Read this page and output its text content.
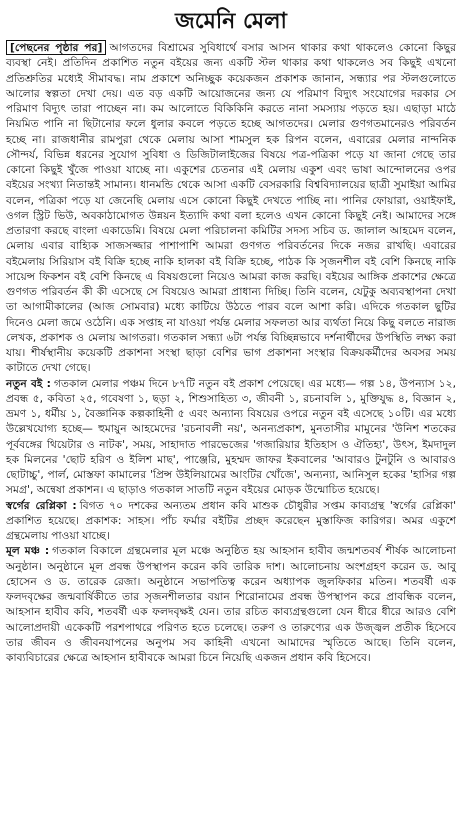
জমেনি মেলা

[পেছনের পৃষ্ঠার পর] আগতদের বিশ্রামের সুবিধার্থে বসার আসন থাকার কথা থাকলেও কোনো কিছুর ব্যবস্থা নেই। প্রতিদিন প্রকাশিত নতুন বইয়ের জন্য একটি স্টল থাকার কথা থাকলেও সব কিছুই এখনো প্রতিশ্রুতির মধ্যেই সীমাবদ্ধ। নাম প্রকাশে অনিচ্ছুক কয়েকজন প্রকাশক জানান, সন্ধ্যার পর স্টলগুলোতে আলোর স্বল্পতা দেখা দেয়। এত বড় একটি আয়োজনের জন্য যে পরিমাণ বিদ্যুৎ সংযোগের দরকার সে পরিমাণ বিদ্যুৎ তারা পাচ্ছেন না। কম আলোতে বিকিকিনি করতে নানা সমস্যায় পড়তে হয়। এছাড়া মাঠে নিয়মিত পানি না ছিটানোর ফলে ধুলার কবলে পড়তে হচ্ছে আগতদের। মেলার গুণগতমানেরও পরিবর্তন হচ্ছে না। রাজধানীর রামপুরা থেকে মেলায় আসা শামসুল হক রিপন বলেন, এবারের মেলার নান্দনিক সৌন্দর্য, বিভিন্ন ধরনের সুযোগ সুবিধা ও ডিজিটালাইজের বিষয়ে পত্র-পত্রিকা পড়ে যা জানা গেছে তার কোনো কিছুই খুঁজে পাওয়া যাচ্ছে না। একুশের চেতনার এই মেলায় একুশ এবং ভাষা আন্দোলনের ওপর বইয়ের সংখ্যা নিতান্তই সামান্য। ধানমন্ডি থেকে আসা একটি বেসরকারি বিশ্ববিদ্যালয়ের ছাত্রী সুমাইয়া আমির বলেন, পত্রিকা পড়ে যা জেনেছি মেলায় এসে কোনো কিছুই দেখতে পাচ্ছি না। পানির ফোয়ারা, ওয়াইফাই, ওগল স্ট্রিট ভিউ, অবকাঠামোগত উন্নয়ন ইত্যাদি কথা বলা হলেও এখন কোনো কিছুই নেই। আমাদের সঙ্গে প্রতারণা করছে বাংলা একাডেমি। বিষয়ে মেলা পরিচালনা কমিটির সদস্য সচিব ড. জালাল আহমেদ বলেন, মেলায় এবার বাহ্যিক সাজসজ্জার পাশাপাশি আমরা গুণগত পরিবর্তনের দিকে নজর রাখছি। এবারের বইমেলায় সিরিয়াস বই বিক্রি হচ্ছে নাকি হালকা বই বিক্রি হচ্ছে, পাঠক কি সৃজনশীল বই বেশি কিনছে নাকি সায়েন্স ফিকশন বই বেশি কিনছে এ বিষয়গুলো নিয়েও আমরা কাজ করছি। বইয়ের আঙ্গিক প্রকাশের ক্ষেত্রে গুণগত পরিবর্তন কী কী এসেছে সে বিষয়েও আমরা প্রাধান্য দিচ্ছি। তিনি বলেন, যেটুকু অব্যবস্থাপনা দেখা তা আগামীকালের (আজ সোমবার) মধ্যে কাটিয়ে উঠতে পারব বলে আশা করি। এদিকে গতকাল ছুটির দিনেও মেলা জমে ওঠেনি। এক সপ্তাহ না যাওয়া পর্যন্ত মেলার সফলতা আর ব্যর্থতা নিয়ে কিছু বলতে নারাজ লেখক, প্রকাশক ও মেলায় আগতরা। গতকাল সন্ধ্যা ৬টা পর্যন্ত বিচ্ছিন্নভাবে দর্শনার্থীদের উপস্থিতি লক্ষ্য করা যায়। শীর্ষস্থানীয় কয়েকটি প্রকাশনা সংস্থা ছাড়া বেশির ভাগ প্রকাশনা সংস্থার বিক্রয়কর্মীদের অবসর সময় কাটাতে দেখা গেছে।

নতুন বই : গতকাল মেলার পঞ্চম দিনে ৮৭টি নতুন বই প্রকাশ পেয়েছে। এর মধ্যে— গল্প ১৪, উপন্যাস ১২, প্রবন্ধ ৫, কবিতা ২৫, গবেষণা ১, ছড়া ২, শিশুসাহিত্য ৩, জীবনী ১, রচনাবলি ১, মুক্তিযুদ্ধ ৪, বিজ্ঞান ২, ভ্রমণ ১, ধর্মীয় ১, বৈজ্ঞানিক কল্পকাহিনী ৫ এবং অন্যান্য বিষয়ের ওপরে নতুন বই এসেছে ১০টি। এর মধ্যে উল্লেখযোগ্য হচ্ছে— হুমায়ুন আহমেদের 'রচনাবলী নয়', অনন্যপ্রকাশ, মুনতাসীর মামুনের 'উনিশ শতকের পূর্ববঙ্গের থিয়েটার ও নাটক', সময়, সাহাদাত পারভেজের 'গজারিয়ার ইতিহাস ও ঐতিহ্য', উৎস, ইমদাদুল হক মিলনের 'ছোট হরিণ ও ইলিশ মাছ', পাঞ্জেরি, মুহম্মদ জাফর ইকবালের 'আবারও টুনটুনি ও আবারও ছোটাচ্চু', পার্ল, মোস্তফা কামালের 'প্রিন্স উইলিয়ামের আংটির খোঁজে', অন্যন্যা, আনিসুল হকের 'হাসির গল্প সমগ্র', অন্বেষা প্রকাশন। এ ছাড়াও গতকাল সাতটি নতুন বইয়ের মোড়ক উন্মোচিত হয়েছে।

স্বর্গের রেপ্লিকা : বিগত ৭০ দশকের অন্যতম প্রধান কবি মাশুক চৌধুরীর সপ্তম কাব্যগ্রন্থ 'স্বর্গের রেপ্লিকা' প্রকাশিত হয়েছে। প্রকাশক: সাহস। পাঁচ ফর্মার বইটির প্রচ্ছদ করেছেন মুস্তাফিজ কারিগর। অমর একুশে গ্রন্থমেলায় পাওয়া যাচ্ছে।

মূল মঞ্চ : গতকাল বিকালে গ্রন্থমেলার মূল মঞ্চে অনুষ্ঠিত হয় আহসান হাবীব জন্মশতবর্ষ শীর্ষক আলোচনা অনুষ্ঠান। অনুষ্ঠানে মূল প্রবন্ধ উপস্থাপন করেন কবি তারিক দাশ। আলোচনায় অংশগ্রহণ করেন ড. আবু হোসেন ও ড. তারেক রেজা। অনুষ্ঠানে সভাপতিত্ব করেন অধ্যাপক জুলফিকার মতিন। শতবর্ষী এক ফলদবৃক্ষের জন্মবার্ষিকীতে তার সৃজনশীলতার বয়ান শিরোনামের প্রবন্ধ উপস্থাপন করে প্রাবন্ধিক বলেন, আহসান হাবীব কবি, শতবর্ষী এক ফলদবৃক্ষই যেন। তার রচিত কাব্যগ্রন্থগুলো যেন ধীরে ধীরে আরও বেশি আলোপ্রদায়ী একেকটি পরশপাথরে পরিণত হতে চলেছে। তরুণ ও তারুণ্যের এক উজ্জ্বল প্রতীক হিসেবে তার জীবন ও জীবনযাপনের অনুপম সব কাহিনী এখনো আমাদের স্মৃতিতে আছে। তিনি বলেন, কাব্যবিচারের ক্ষেত্রে আহসান হাবীবকে আমরা চিনে নিয়েছি একজন প্রধান কবি হিসেবে।
